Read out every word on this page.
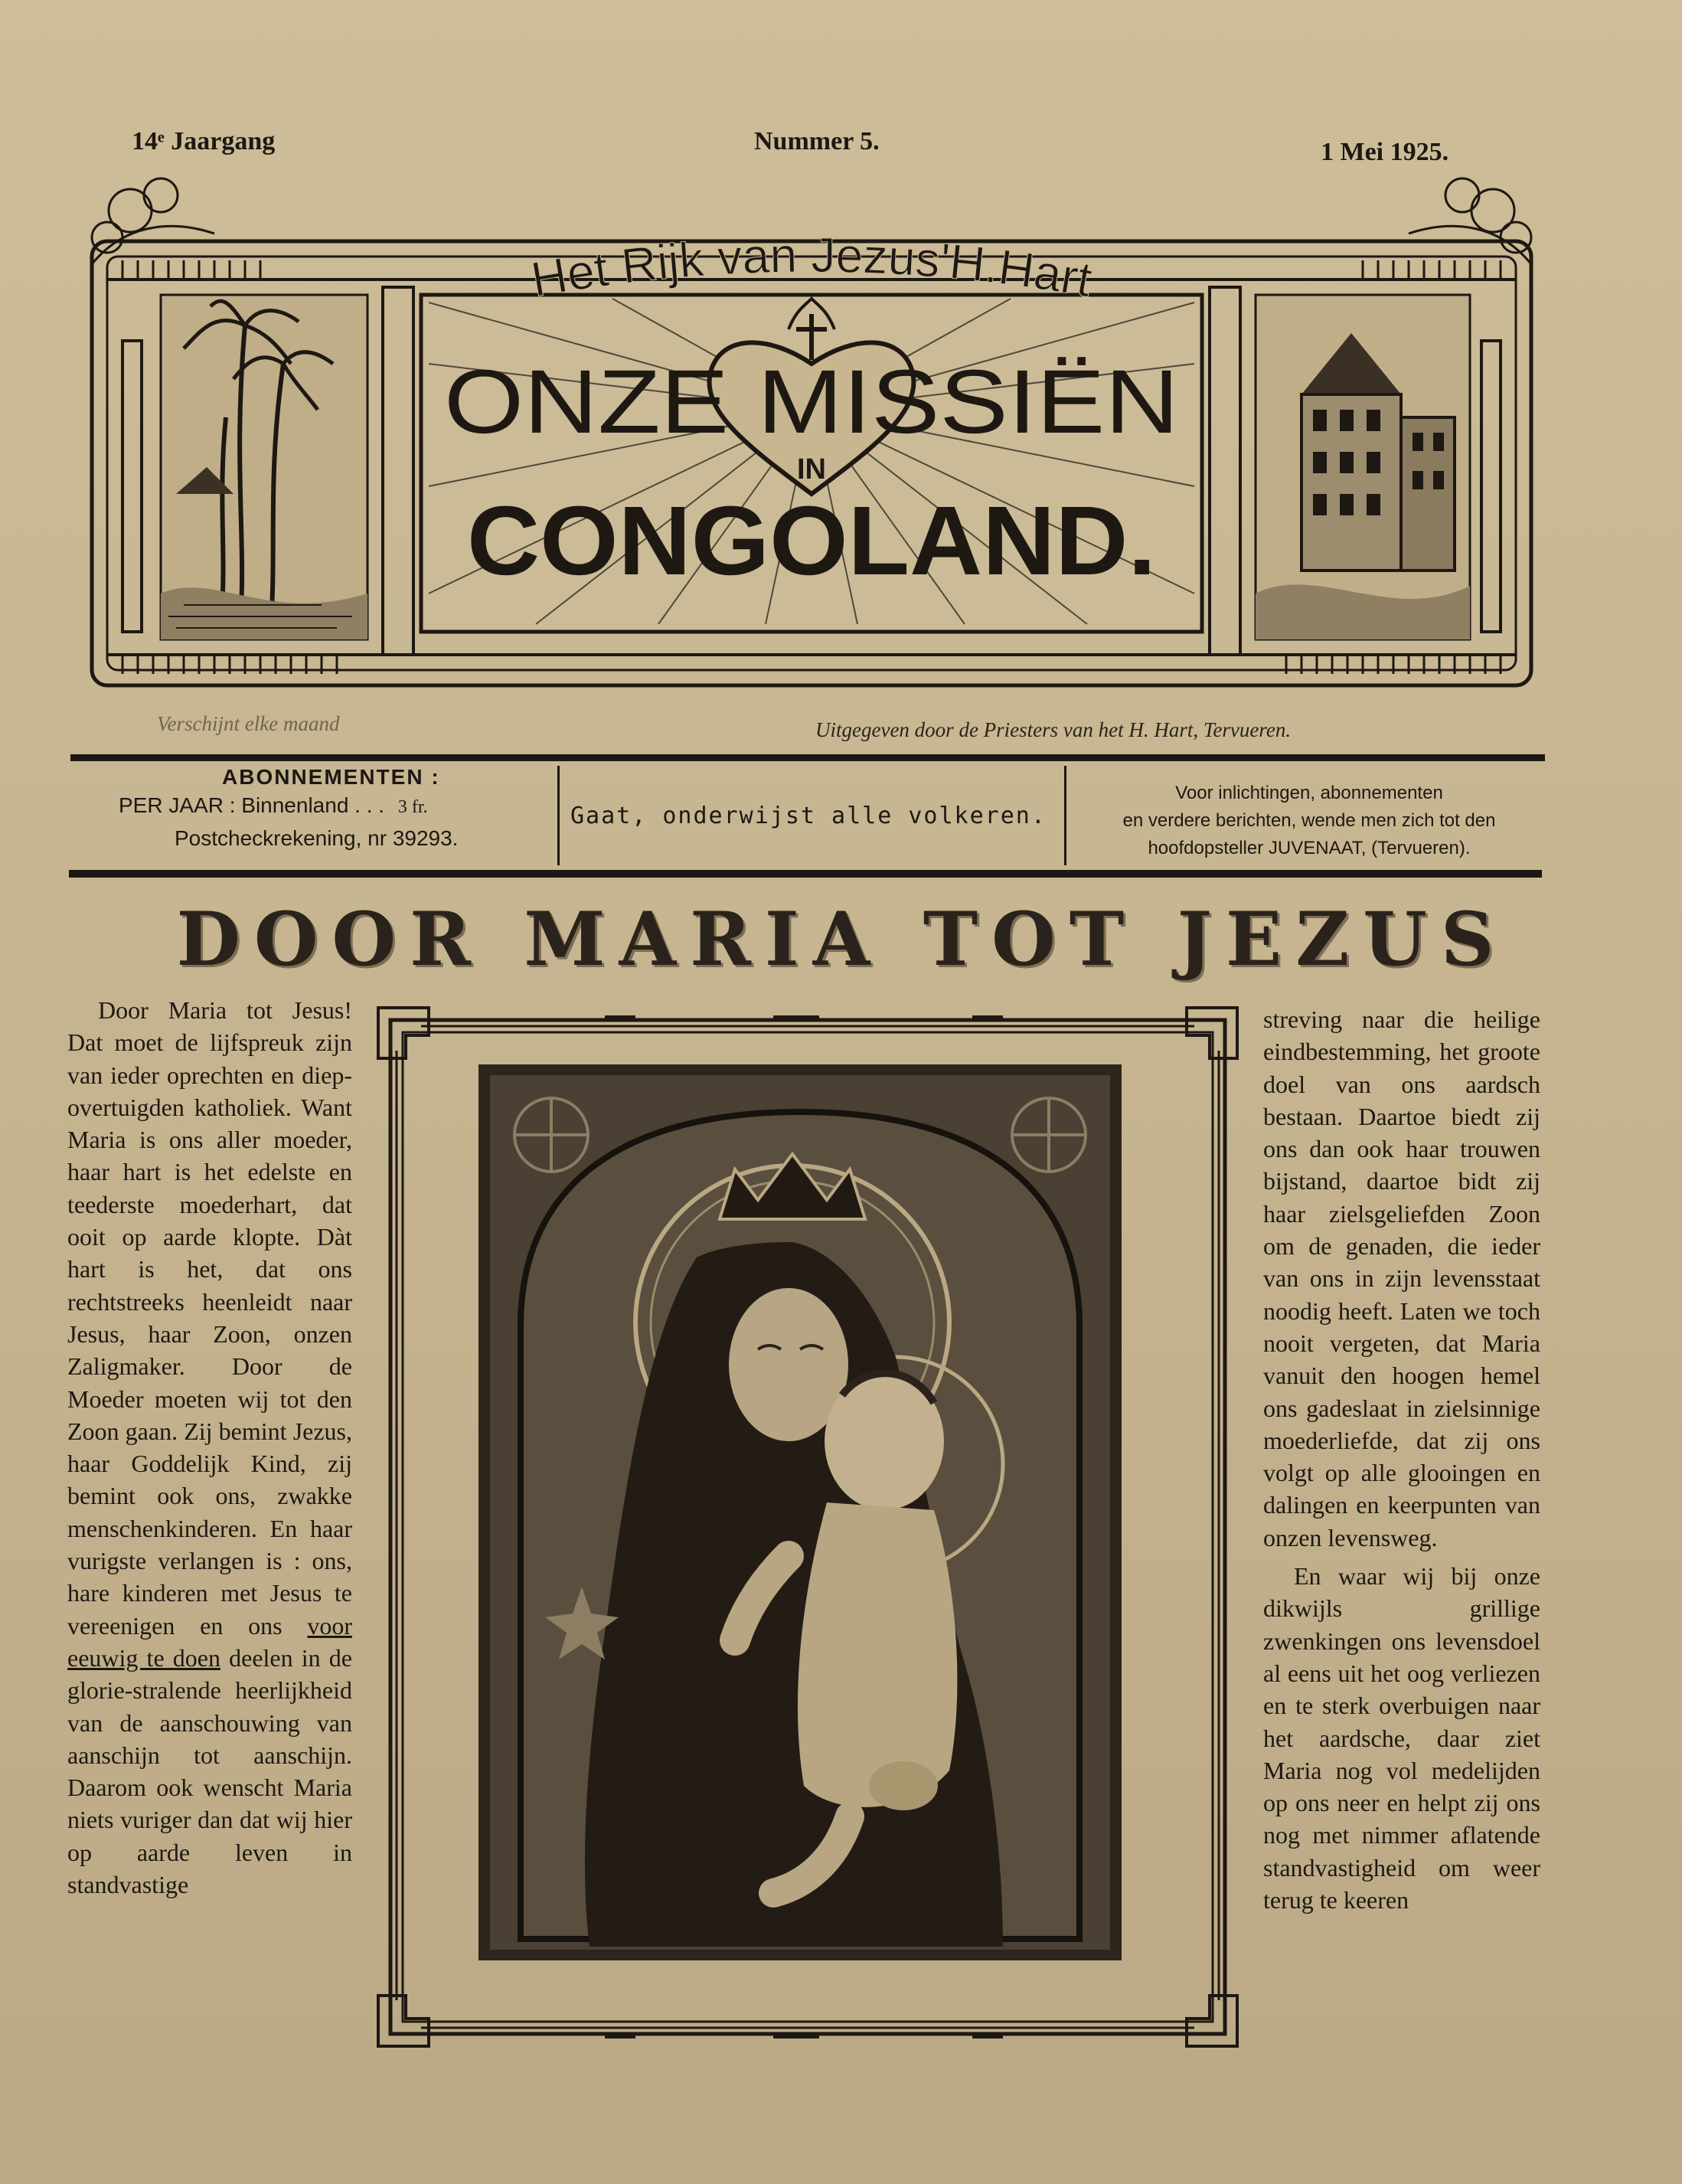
14ᵉ Jaargang	Nummer 5.	1 Mei 1925.
Het Rijk van Jezus'H.Hart
ONZE MISSIËN
IN
CONGOLAND.
Verschijnt elke maand	Uitgegeven door de Priesters van het H. Hart, Tervueren.
ABONNEMENTEN :
PER JAAR : Binnenland . . . 3 fr.
Postcheckrekening, nr 39293.
Gaat, onderwijst alle volkeren.
Voor inlichtingen, abonnementen
en verdere berichten, wende men zich tot den
hoofdopsteller JUVENAAT, (Tervueren).
DOOR MARIA TOT JEZUS

Door Maria tot Jesus! Dat moet de lijfspreuk zijn van ieder oprechten en diep-overtuigden katholiek. Want Maria is ons aller moeder, haar hart is het edelste en teederste moederhart, dat ooit op aarde klopte. Dàt hart is het, dat ons rechtstreeks heenleidt naar Jesus, haar Zoon, onzen Zaligmaker. Door de Moeder moeten wij tot den Zoon gaan. Zij bemint Jezus, haar Goddelijk Kind, zij bemint ook ons, zwakke menschenkinderen. En haar vurigste verlangen is : ons, hare kinderen met Jesus te vereenigen en ons voor eeuwig te doen deelen in de glorie-stralende heerlijkheid van de aanschouwing van aanschijn tot aanschijn. Daarom ook wenscht Maria niets vuriger dan dat wij hier op aarde leven in standvastige

streving naar die heilige eindbestemming, het groote doel van ons aardsch bestaan. Daartoe biedt zij ons dan ook haar trouwen bijstand, daartoe bidt zij haar zielsgeliefden Zoon om de genaden, die ieder van ons in zijn levensstaat noodig heeft. Laten we toch nooit vergeten, dat Maria vanuit den hoogen hemel ons gadeslaat in zielsinnige moederliefde, dat zij ons volgt op alle glooingen en dalingen en keerpunten van onzen levensweg.

En waar wij bij onze dikwijls grillige zwenkingen ons levensdoel al eens uit het oog verliezen en te sterk overbuigen naar het aardsche, daar ziet Maria nog vol medelijden op ons neer en helpt zij ons nog met nimmer aflatende standvastigheid om weer terug te keeren
